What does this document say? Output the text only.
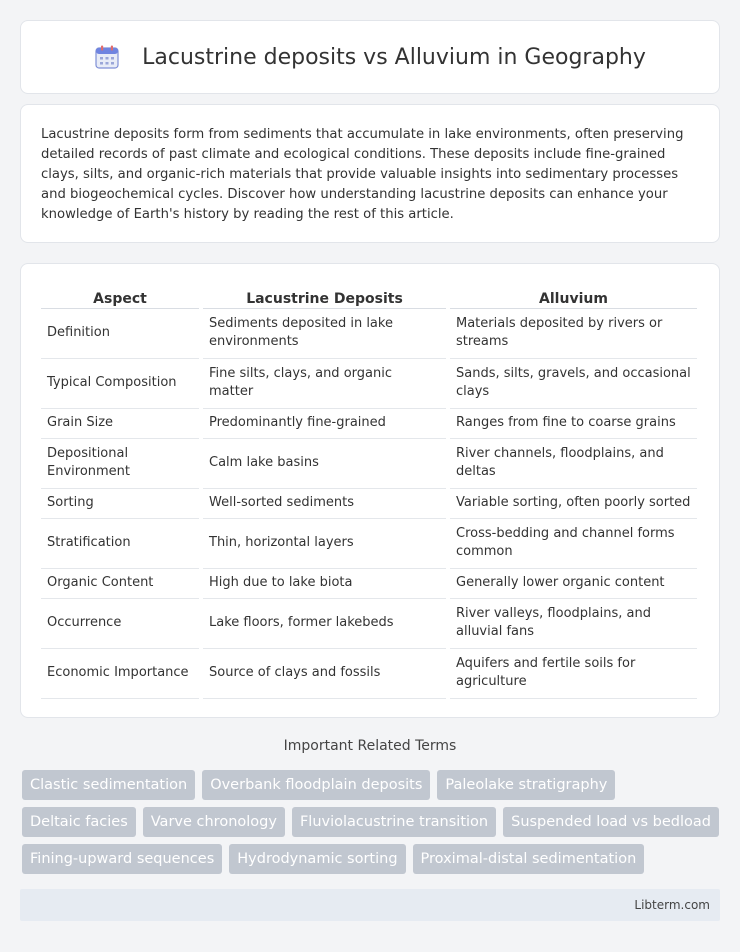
Lacustrine deposits vs Alluvium in Geography

Lacustrine deposits form from sediments that accumulate in lake environments, often preserving detailed records of past climate and ecological conditions. These deposits include fine-grained clays, silts, and organic-rich materials that provide valuable insights into sedimentary processes and biogeochemical cycles. Discover how understanding lacustrine deposits can enhance your knowledge of Earth's history by reading the rest of this article.

Aspect	Lacustrine Deposits	Alluvium
Definition	Sediments deposited in lake environments	Materials deposited by rivers or streams
Typical Composition	Fine silts, clays, and organic matter	Sands, silts, gravels, and occasional clays
Grain Size	Predominantly fine-grained	Ranges from fine to coarse grains
Depositional Environment	Calm lake basins	River channels, floodplains, and deltas
Sorting	Well-sorted sediments	Variable sorting, often poorly sorted
Stratification	Thin, horizontal layers	Cross-bedding and channel forms common
Organic Content	High due to lake biota	Generally lower organic content
Occurrence	Lake floors, former lakebeds	River valleys, floodplains, and alluvial fans
Economic Importance	Source of clays and fossils	Aquifers and fertile soils for agriculture
Important Related Terms
Clastic sedimentation	Overbank floodplain deposits	Paleolake stratigraphy
Deltaic facies	Varve chronology	Fluviolacustrine transition	Suspended load vs bedload
Fining-upward sequences	Hydrodynamic sorting	Proximal-distal sedimentation
Libterm.com
